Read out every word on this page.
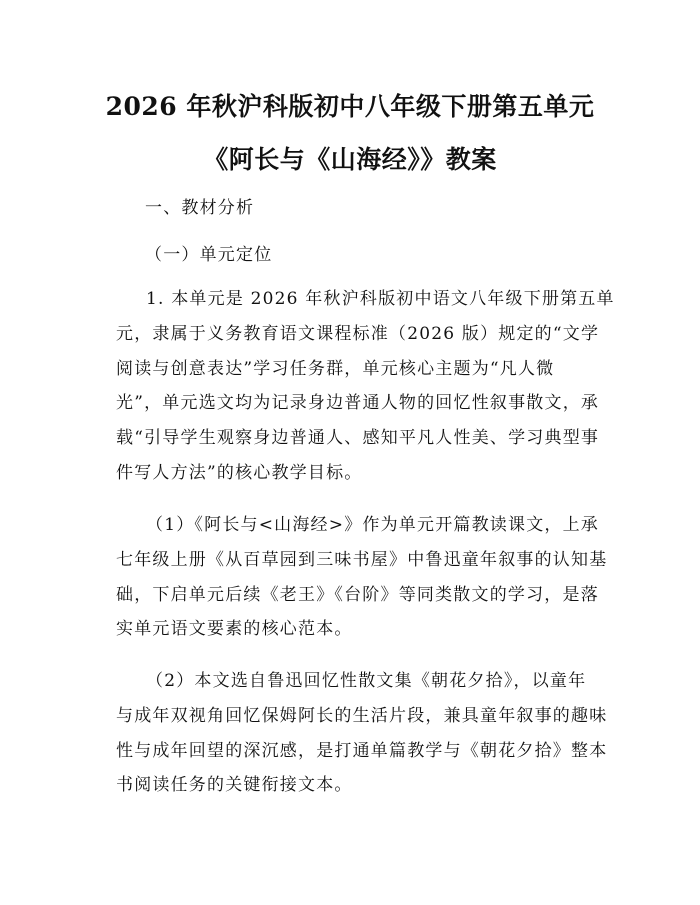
2026 年秋沪科版初中八年级下册第五单元
《阿长与《山海经》》教案
一、教材分析
（一）单元定位
1. 本单元是 2026 年秋沪科版初中语文八年级下册第五单
元，隶属于义务教育语文课程标准（2026 版）规定的“文学
阅读与创意表达”学习任务群，单元核心主题为“凡人微
光”，单元选文均为记录身边普通人物的回忆性叙事散文，承
载“引导学生观察身边普通人、感知平凡人性美、学习典型事
件写人方法”的核心教学目标。
（1）《阿长与<山海经>》作为单元开篇教读课文，上承
七年级上册《从百草园到三味书屋》中鲁迅童年叙事的认知基
础，下启单元后续《老王》《台阶》等同类散文的学习，是落
实单元语文要素的核心范本。
（2）本文选自鲁迅回忆性散文集《朝花夕拾》，以童年
与成年双视角回忆保姆阿长的生活片段，兼具童年叙事的趣味
性与成年回望的深沉感，是打通单篇教学与《朝花夕拾》整本
书阅读任务的关键衔接文本。
